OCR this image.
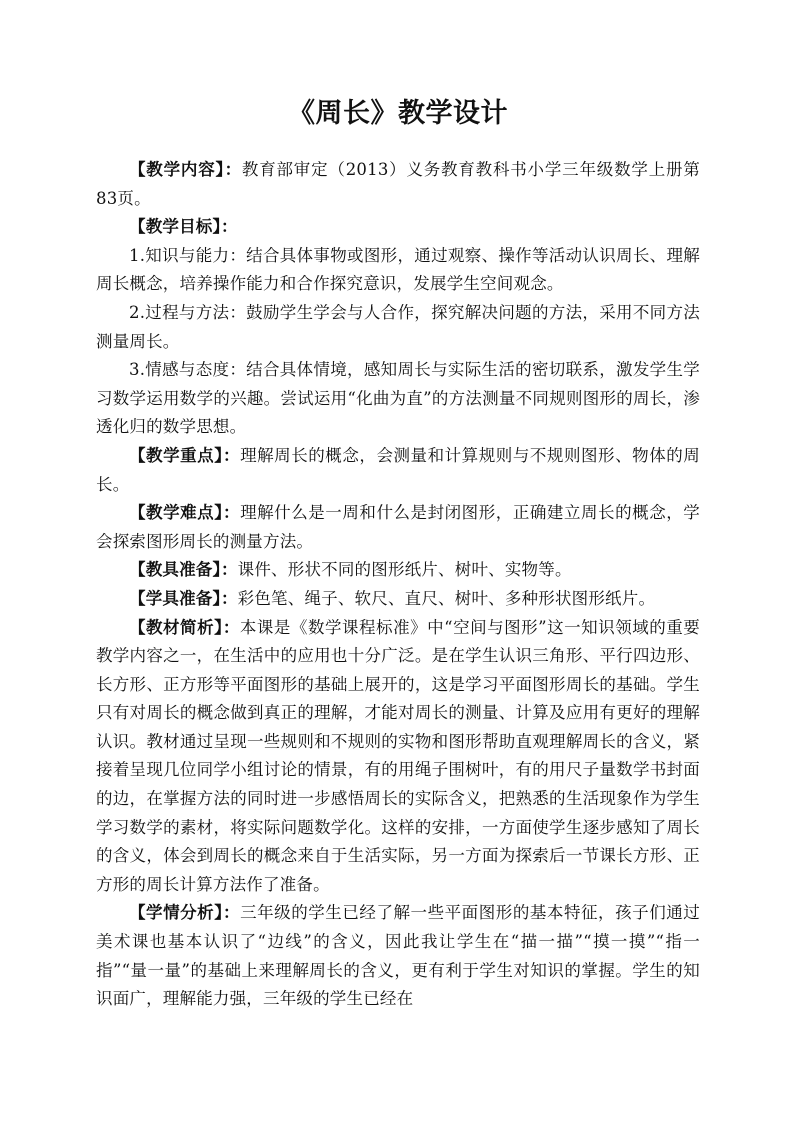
《周长》教学设计

【教学内容】：教育部审定（2013）义务教育教科书小学三年级数学上册第83页。

【教学目标】：

1.知识与能力：结合具体事物或图形，通过观察、操作等活动认识周长、理解周长概念，培养操作能力和合作探究意识，发展学生空间观念。

2.过程与方法：鼓励学生学会与人合作，探究解决问题的方法，采用不同方法测量周长。

3.情感与态度：结合具体情境，感知周长与实际生活的密切联系，激发学生学习数学运用数学的兴趣。尝试运用“化曲为直”的方法测量不同规则图形的周长，渗透化归的数学思想。

【教学重点】：理解周长的概念，会测量和计算规则与不规则图形、物体的周长。

【教学难点】：理解什么是一周和什么是封闭图形，正确建立周长的概念，学会探索图形周长的测量方法。

【教具准备】：课件、形状不同的图形纸片、树叶、实物等。

【学具准备】：彩色笔、绳子、软尺、直尺、树叶、多种形状图形纸片。

【教材简析】：本课是《数学课程标准》中“空间与图形”这一知识领域的重要教学内容之一，在生活中的应用也十分广泛。是在学生认识三角形、平行四边形、长方形、正方形等平面图形的基础上展开的，这是学习平面图形周长的基础。学生只有对周长的概念做到真正的理解，才能对周长的测量、计算及应用有更好的理解认识。教材通过呈现一些规则和不规则的实物和图形帮助直观理解周长的含义，紧接着呈现几位同学小组讨论的情景，有的用绳子围树叶，有的用尺子量数学书封面的边，在掌握方法的同时进一步感悟周长的实际含义，把熟悉的生活现象作为学生学习数学的素材，将实际问题数学化。这样的安排，一方面使学生逐步感知了周长的含义，体会到周长的概念来自于生活实际，另一方面为探索后一节课长方形、正方形的周长计算方法作了准备。

【学情分析】：三年级的学生已经了解一些平面图形的基本特征，孩子们通过美术课也基本认识了“边线”的含义，因此我让学生在“描一描”“摸一摸”“指一指”“量一量”的基础上来理解周长的含义，更有利于学生对知识的掌握。学生的知识面广，理解能力强，三年级的学生已经在
